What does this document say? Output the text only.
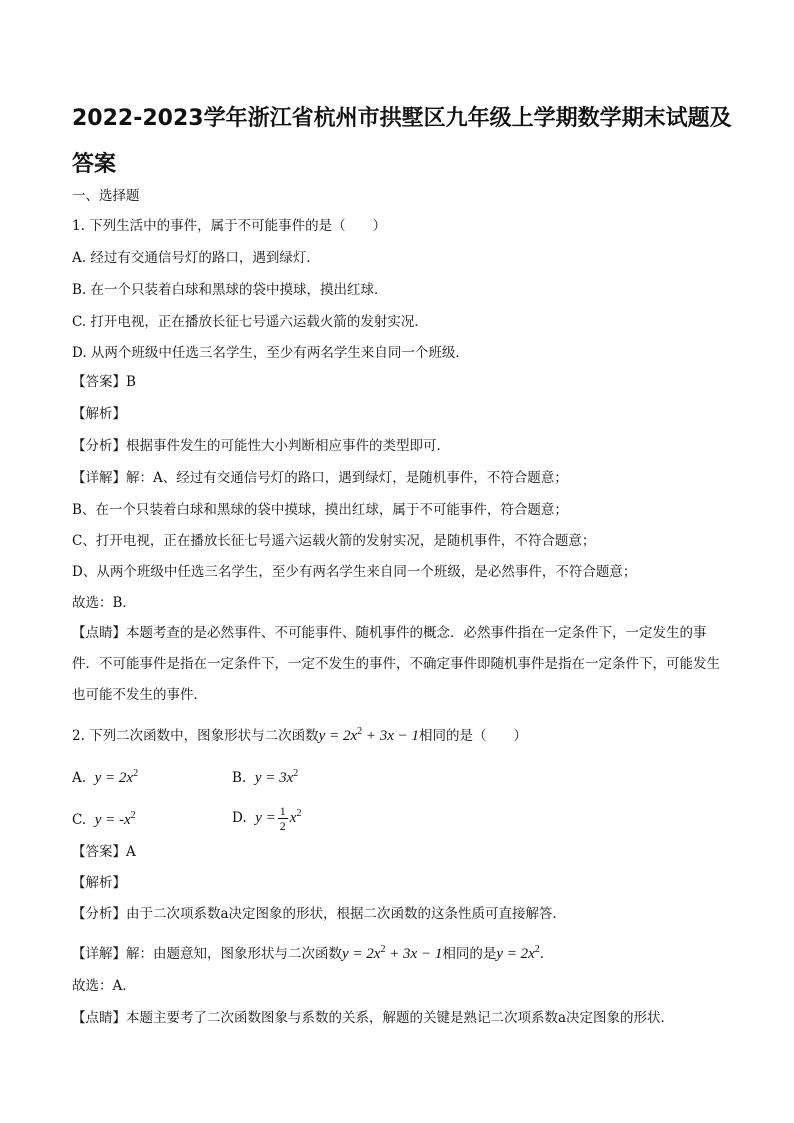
2022-2023学年浙江省杭州市拱墅区九年级上学期数学期末试题及答案
一、选择题
1. 下列生活中的事件，属于不可能事件的是（　　）
A. 经过有交通信号灯的路口，遇到绿灯．
B. 在一个只装着白球和黑球的袋中摸球，摸出红球．
C. 打开电视，正在播放长征七号遥六运载火箭的发射实况．
D. 从两个班级中任选三名学生，至少有两名学生来自同一个班级．
【答案】B
【解析】
【分析】根据事件发生的可能性大小判断相应事件的类型即可．
【详解】解：A、经过有交通信号灯的路口，遇到绿灯，是随机事件，不符合题意；
B、在一个只装着白球和黑球的袋中摸球，摸出红球，属于不可能事件，符合题意；
C、打开电视，正在播放长征七号遥六运载火箭的发射实况，是随机事件，不符合题意；
D、从两个班级中任选三名学生，至少有两名学生来自同一个班级，是必然事件，不符合题意；
故选：B．
【点睛】本题考查的是必然事件、不可能事件、随机事件的概念．必然事件指在一定条件下，一定发生的事件．不可能事件是指在一定条件下，一定不发生的事件，不确定事件即随机事件是指在一定条件下，可能发生也可能不发生的事件．
2. 下列二次函数中，图象形状与二次函数$y = 2x^2 + 3x - 1$相同的是（　　）
A. $y = 2x^2$	B. $y = 3x^2$
C. $y = -x^2$	D. $y = \frac{1}{2} x^2$
【答案】A
【解析】
【分析】由于二次项系数a决定图象的形状，根据二次函数的这条性质可直接解答．
【详解】解：由题意知，图象形状与二次函数$y = 2x^2 + 3x - 1$相同的是$y = 2x^2$．
故选：A．
【点睛】本题主要考了二次函数图象与系数的关系，解题的关键是熟记二次项系数a决定图象的形状．
